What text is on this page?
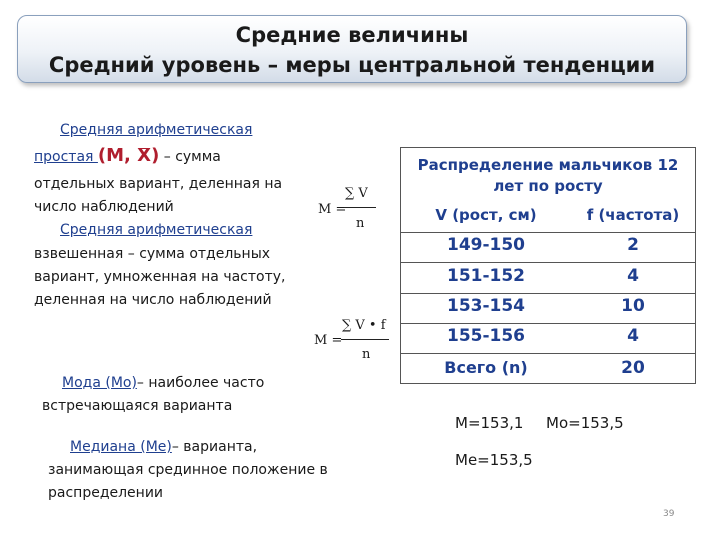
Средние величины
Средний уровень – меры центральной тенденции
Средняя арифметическая
простая (М,
Х) – сумма
отдельных вариант, деленная на
число наблюдений	M =
∑ V
n
Средняя арифметическая
взвешенная – сумма отдельных
вариант, умноженная на частоту,
деленная на число наблюдений
M =
∑ V • f
n
Мода (Мо)– наиболее часто
встречающаяся варианта
Медиана (Ме)– варианта,
занимающая срединное положение в
распределении
Распределение мальчиков 12
лет по росту
V (рост, см)	f (частота)
149-150	2
151-152	4
153-154	10
155-156	4
Всего (n)	20
М=153,1 Мо=153,5
Ме=153,5
39
